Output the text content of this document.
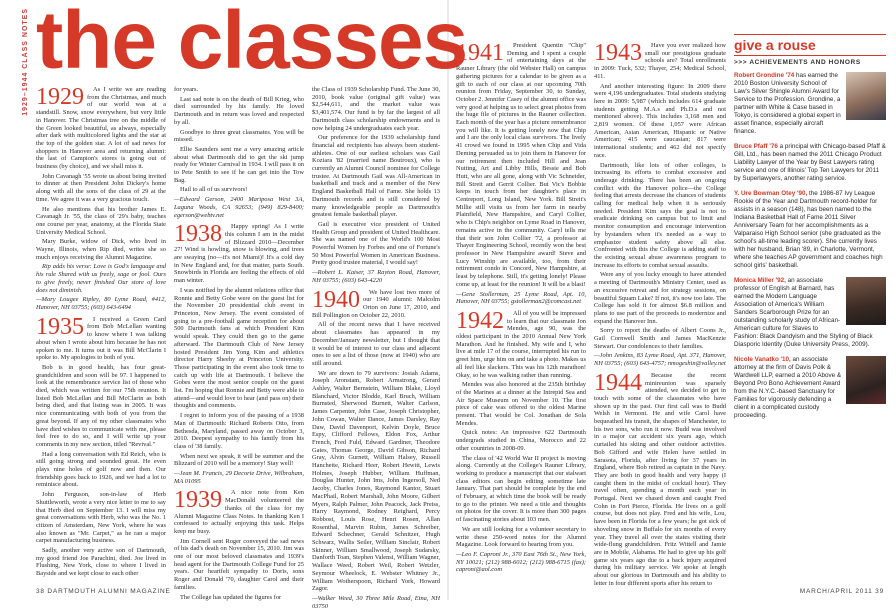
1929–1944 CLASS NOTES the classes
1929	As I write we are reading from the Christmas, and much of our world was at a standstill. Snow, snow everywhere, but very little in Hanover. The Christmas tree on the middle of the Green looked beautiful, as always, especially after dark with multicolored lights and the star at the top of the golden star. A lot of sad news for shoppers in Hanover area and returning alumni: the last of Campion's stores is going out of business (by choice), and we shall miss it.

John Cavanagh '55 wrote us about being invited to dinner at then President John Dickey's home along with all the sons of the class of 29 at the time. We agree it was a very gracious touch.

He also mentions that his brother James E. Cavanagh Jr. '55, the class of '29's baby, teaches one course per year, anatomy, at the Florida State University Medical School.

Mary Burke, widow of Dick, who lived in Wayne, Illinois, when Rip died, writes she so much enjoys receiving the Alumni Magazine.

Rip adds his verse: Love is God's language and his rule Shared with us freely, sage or fool. Ours to give freely, never finished Our store of love does not diminish.

—Mary Lougee Ripley, 80 Lyme Road, #412, Hanover, NH 03755; (603) 643-6494

1935	I received a Green Card from Bob McLellan wanting to know where I was talking about when I wrote about him because he has not spoken to me. It turns out it was Bill McClarin I spoke to. My apologies to both of you.

Bob is in good health, has four great-grandchildren and soon will be 97. I happened to look at the remembrance service list of those who died, which was written for our 75th reunion. It listed Bob McLellan and Bill McClarin as both being died, and that listing was in 2005. It was nice communicating with both of you from the great beyond. If any of my other classmates who have died wishes to communicate with me, please feel free to do so, and I will write up your comments in my new section, titled "Revival."

Had a long conversation with Ed Reich, who is still going strong and sounded great. He even plays nine holes of golf now and then. Our friendship goes back to 1926, and we had a lot to reminisce about.

John Ferguson, son-in-law of Herb Shuttleworth, wrote a very nice letter to me to say that Herb died on September 13. I will miss my great conversations with Herb, who was the No. 1 citizen of Amsterdam, New York, where he was also known as "Mr. Carpet," as he ran a major carpet manufacturing business.

Sadly, another very active son of Dartmouth, my good friend Joe Parachini, died. Joe lived in Flushing, New York, close to where I lived in Bayside and we kept close to each other

for years.

Last sad note is on the death of Bill Krieg, who died surrounded by his family. He loved Dartmouth and in return was loved and respected by all.

Goodbye to three great classmates. You will be missed.

Ellie Saunders sent me a very amazing article about what Dartmouth did to get the ski jump ready for Winter Carnival in 1934. I will pass it on to Pete Smith to see if he can get into the Tow Bag.

Hail to all of us survivors!

—Edward Gerson, 2400 Mariposa West 3A, Laguna Woods, CA 92653; (949) 829-8400; egerson@webtv.net

1938	Happy spring! As I write this column I am in the midst of Blizzard 2010—December 27! Wind is howling, snow is blowing, and trees are swaying (no—it's not Miami)! It's a cold day in New England and, for that matter, parts South. Snowbirds in Florida are feeling the effects of old man winter.

I was notified by the alumni relations office that Ronnie and Betty Gobe were on the guest list for the November 20 presidential club event in Princeton, New Jersey. The event consisted of going to a pre-football game reception for about 500 Dartmouth fans at which President Kim would speak. They could then go to the game afterward. The Dartmouth Club of New Jersey hosted President Jim Yong Kim and athletics director Harry Sheehy at Princeton University. Those participating in the event also took time to catch up with life at Dartmouth. I believe the Gobes were the most senior couple on the guest list. I'm hoping that Ronnie and Betty were able to attend—and would love to hear (and pass on) their thoughts and comments.

I regret to inform you of the passing of a 1938 Man of Dartmouth: Richard Roberts Otto, from Bethesda, Maryland, passed away on October 3, 2010. Deepest sympathy to his family from his class of '38 family.

When next we speak, it will be summer and the Blizzard of 2010 will be a memory! Stay well!

—Jean M. Francis, 29 Decorie Drive, Wilbraham, MA 01095

1939	A nice note from Ken MacDonald volunteered the thanks of the class for my Alumni Magazine Class Notes. In thanking Ken I confessed to actually enjoying this task. Helps keep me busy.

Jim Cornell sent Roger conveyed the sad news of his dad's death on November 15, 2010. Jim was one of our most beloved classmates and 1939's head agent for the Dartmouth College Fund for 25 years. Our heartfelt sympathy to Doris, sons Roger and Donald '70, daughter Carol and their families.

The College has updated the figures for

the Class of 1939 Scholarship Fund. The June 30, 2010, book value (original gift value) was $2,544,611, and the market value was $3,401,574. Our fund is by far the largest of all Dartmouth class scholarship endowments and is now helping 24 undergraduates each year.

Our preference for the 1939 scholarship fund financial aid recipients has always been student-athletes. One of our earliest scholars was Gail Koziara '82 (married name Boutroux), who is currently an Alumni Council nominee for College trustee. At Dartmouth Gail was All-American in basketball and track and a member of the New England Basketball Hall of Fame. She holds 13 Dartmouth records and is still considered by many knowledgeable people as Dartmouth's greatest female basketball player.

Gail is executive vice president of United Health Group and president of United Healthcare. She was named one of the World's 100 Most Powerful Women by Forbes and one of Fortune's 50 Most Powerful Women in American Business. Pretty good trustee material, I would say!

—Robert L. Kaiser, 37 Rayton Road, Hanover, NH 03755; (603) 643-4220

1940	We have lost two more of our 1940 alumni: Malcolm Orton on June 17, 2010, and Bill Pollington on October 22, 2010.

All of the recent news that I have received about classmates has appeared in my December/January newsletter, but I thought that it would be of interest to our class and adjacent ones to see a list of those (now at 1940) who are still around.

We are down to 79 survivors: Josiah Adams, Joseph Aronstam, Robert Armstrong, Gerard Ashley, Walter Bernstein, William Blake, Lloyd Blanchard, Victor Blodde, Karl Bruch, William Burnsted, Sherwood Burnett, Walter Carlson, James Carpenter, John Case, Joseph Christopher, John Cowan, Walter Dance, James Darsley, Ray Daw, David Davenport, Kelvin Doyle, Bruce Espy, Clifford Fellows, Eldon Fox, Arthur French, Fred Fuld, Edward Gardiner, Theodore Gates, Thomas George, David Gibson, Richard Gray, Alvin Gurnett, William Halsey, Russell Hanchette, Richard Heer, Robert Hewitt, Lewis Holmes, Joseph Hubber, William Huffman, Douglas Hunter, John Ims, John Ingersoll, Ned Jacoby, Charles Jones, Raymond Kantor, Stuart MacPhail, Robert Marshall, John Moore, Gilbert Myers, Ralph Palmer, John Peacock, Jack Preiss, Harry Raymond, Rodney Reighard, Percy Robbost, Louis Rose, Henri Rosen, Allan Rosenthal, Marvin Rubin, James Schreiber, Edward Schechner, Gerald Schnitzer, Hugh Schwarz, Wallis Seiler, William Sinclair, Robert Skinner, William Smallwood, Joseph Sudarsky, Danforth Toan, Stephen Valensi, William Wagner, Wallace Weed, Robert Weil, Robert Wetzler, Seymour Wheelock, E. Webster Whitney Jr., William Wotherspoon, Richard York, Howard Zagor.

—Walker Weed, 30 Three Mile Road, Etna, NH 03750

1941	President Quentin "Chip" Deming and I spent a couple of entertaining days at the Rauner Library (the old Webster Hall) on campus gathering pictures for a calendar to be given as a gift to each of our class at our upcoming 70th reunion from Friday, September 30, to Sunday, October 2. Jennifer Casey of the alumni office was very good at helping us to select great photos from the huge file of pictures in the Rauner collection. Each month of the year has a picture remembrance you will like. It is getting lonely now that Chip and I are the only local class survivors. The lively 41 crowd we found in 1995 when Chip and Vida Deming persuaded us to join them in Hanover for our retirement then included Hill and Jean Nutting, Art and Libby Hills, Bessie and Bob Hutt, who are all gone, along with Vic Schneider, Bill Streit and Gerrit Collier. But Vic's Bobbie keeps in touch from her daughter's place in Centreport, Long Island, New York. Bill Streit's Millie still visits us from her farm in nearby Plainfield, New Hampshire, and Caryl Collier, who is Chip's neighbor on Lyme Road in Hanover, remains active in the community. Caryl tells me that their son John Collier '72, a professor at Thayer Engineering School, recently won the best professor in New Hampshire award! Steve and Lucy Winship are available, too, from their retirement condo in Concord, New Hampshire, at least by telephone. Still, it's getting lonely! Please come up, at least for the reunion! It will be a blast!

—Gene Stollerman, 25 Lyme Road, Apt. 10, Hanover, NH 03755; gstollerman2@comcast.net

1942	All of you will be impressed to learn that our classmate Jon Mendes, age 90, was the oldest participant in the 2010 Annual New York Marathon. And he finished. My wife and I, who live at mile 17 of the course, interrupted his run to greet him, urge him on and take a photo. Makes us all feel like slackers. This was his 12th marathon! Okay, so he was walking rather than running.

Mendes was also honored at the 235th birthday of the Marines at a dinner at the Intrepid Sea and Air Space Museum on November 10. The first piece of cake was offered to the oldest Marine present. That would be Col. Jonathan de Sola Mendes.

Quick notes: An impressive 622 Dartmouth undergrads studied in China, Morocco and 22 other countries in 2008-09.

The class of '42 World War II project is moving along. Currently at the College's Rauner Library, working to produce a manuscript that our stalwart class editors can begin editing sometime late January. That part should be complete by the end of February, at which time the book will be ready to go to the printer. We need a title and thoughts on photos for the cover. It is more than 300 pages of fascinating stories about 103 men.

We are still looking for a volunteer secretary to write these 250-word notes for the Alumni Magazine. Look forward to hearing from you.

—Leo F. Caproni Jr., 370 East 76th St., New York, NY 10021; (212) 988-6012; (212) 988-6715 (fax); caproni@aol.com

1943	Have you ever realized how small our prestigious graduate schools are? Total enrollments in 2009: Tuck, 532; Thayer, 254; Medical School, 411.

And another interesting figure: In 2009 there were 4,196 undergraduates. Total students studying here in 2009: 5,987 (which includes 614 graduate students getting M.A.s and Ph.D.s and not mentioned above). This includes 3,168 men and 2,819 women. Of these 1,057 were African American, Asian American, Hispanic or Native American; 415 were caucasian; 817 were international students; and 462 did not specify race.

Dartmouth, like lots of other colleges, is increasing its efforts to combat excessive and underage drinking. There has been an ongoing conflict with the Hanover police—the College feeling that arrests decrease the chances of students calling for medical help when it is seriously needed. President Kim says the goal is not to eradicate drinking on campus but to limit and monitor consumption and encourage intervention by bystanders when it's needed as a way to emphasize student safety above all else. Confronted with this the College is adding staff to the existing sexual abuse awareness program to increase its efforts to combat sexual assaults.

Were any of you lucky enough to have attended a meeting of Dartmouth's Ministry Center, used as an excessive retreat and for strategy sessions, on beautiful Squam Lake? If not, it's now too late. The College has sold it for almost $6.8 million and plans to use part of the proceeds to modernize and expand the Hanover Inn.

Sorry to report the deaths of Albert Coons Jr., Gail Cornwell Smith and James MacKenzie Stewart. Our condolences to their families.

—John Jenkins, 83 Lyme Road, Apt. 371, Hanover, NH 03755; (603) 643-4757; nmogeshin@valley.net

1944	Because the recent minireunion was sparsely attended, we decided to get in touch with some of the classmates who have shown up in the past. Our first call was to Budd Welsh in Vermont. He and wife Carol have bequeathed his transit, the shapes of Manchester, to his two sons, who run it now. Budd was involved in a major car accident six years ago, which curtailed his skiing and other outdoor activities. Bob Gifford and wife Helen have settled in Sarasota, Florida, after living for 37 years in England, where Bob retired as captain in the Navy. They are both in good health and very happy (I caught them in the midst of cocktail hour). They travel often, spending a month each year in Portugal. Next we chased down and caught Fred Cohn in Fort Pierce, Florida. He lives on a golf course, but does not play. Fred and his wife, Lou, have been in Florida for a few years; he got sick of shoveling snow in Buffalo for six months of every year. They travel all over the states visiting their wide-flung grandchildren. Fritz Wittell and Jamie are in Mobile, Alabama. He had to give up his golf game six years ago due to a back injury acquired during his military service. We spoke at length about our glorious in Dartmouth and his ability to letter in four different sports after his return to

give a rouse
>>> ACHIEVEMENTS AND HONORS
Robert Grondine '74 has earned the 2010 Boston University School of Law's Silver Shingle Alumni Award for Service to the Profession. Grondine, a partner with White & Case based in Tokyo, is considered a global expert in asset finance, especially aircraft finance.
Bruce Pfaff '76 a principal with Chicago-based Pfaff & Gill, Ltd., has been named the 2011 Chicago Product Liability Lawyer of the Year by Best Lawyers rating service and one of Illinois' Top Ten Lawyers for 2011 by Superlawyers, another rating service.
Y. Ure Bowman Otey '90, the 1986-87 Ivy League Rookie of the Year and Dartmouth record-holder for assists in a season (148), has been named to the Indiana Basketball Hall of Fame 2011 Silver Anniversary Team for her accomplishments as a Valparaiso High School senior (she graduated as the school's all-time leading scorer). She currently lives with her husband, Brian '89, in Charlotte, Vermont, where she teaches AP government and coaches high school girls' basketball.
Monica Miller '92, an associate professor of English at Barnard, has earned the Modern Language Association of America's William Sanders Scarborough Prize for an outstanding scholarly study of African-American culture for Slaves to Fashion: Black Dandyism and the Styling of Black Diasporic Identity (Duke University Press, 2009).
Nicole Vanatko '10, an associate attorney at the firm of Davis Polk & Wardwell LLP, earned a 2010 Above & Beyond Pro Bono Achievement Award from the N.Y.C.-based Sanctuary for Families for vigorously defending a client in a complicated custody proceeding.
38 DARTMOUTH ALUMNI MAGAZINE	MARCH/APRIL 2011 39
